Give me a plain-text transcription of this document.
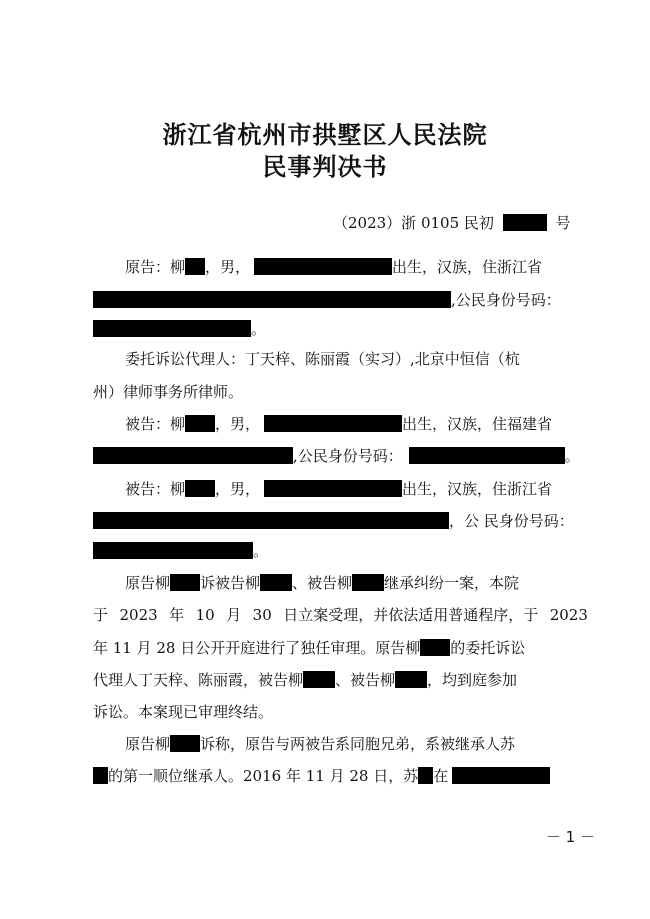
浙江省杭州市拱墅区人民法院
民事判决书
（2023）浙 0105 民初	号
原告：柳 ，男，	出生，汉族，住浙江省
,公民身份号码：
。
委托诉讼代理人：丁天梓、陈丽霞（实习）,北京中恒信（杭
州）律师事务所律师。
被告：柳 ，男，	出生，汉族，住福建省
,公民身份号码：	。
被告：柳 ，男，	出生，汉族，住浙江省
，公 民身份号码：
。
原告柳 诉被告柳 、被告柳 继承纠纷一案，本院
于 2023 年 10 月 30 日立案受理，并依法适用普通程序，于 2023
年 11 月 28 日公开开庭进行了独任审理。原告柳 的委托诉讼
代理人丁天梓、陈丽霞，被告柳 、被告柳 ，均到庭参加
诉讼。本案现已审理终结。
原告柳 诉称，原告与两被告系同胞兄弟，系被继承人苏
的第一顺位继承人。2016 年 11 月 28 日，苏 在
－ 1 －
